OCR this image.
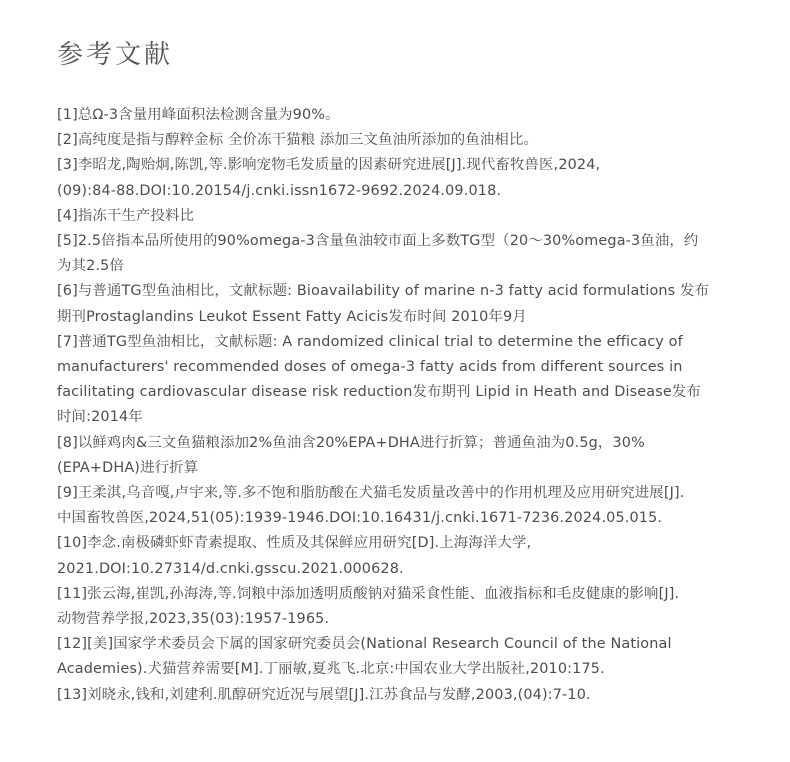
参考文献
[1]总Ω-3含量用峰面积法检测含量为90%。
[2]高纯度是指与醇粹金标 全价冻干猫粮 添加三文鱼油所添加的鱼油相比。
[3]李昭龙,陶贻炯,陈凯,等.影响宠物毛发质量的因素研究进展[J].现代畜牧兽医,2024,
(09):84-88.DOI:10.20154/j.cnki.issn1672-9692.2024.09.018.
[4]指冻干生产投料比
[5]2.5倍指本品所使用的90%omega-3含量鱼油较市面上多数TG型（20～30%omega-3鱼油，约
为其2.5倍
[6]与普通TG型鱼油相比，文献标题: Bioavailability of marine n-3 fatty acid formulations 发布
期刊Prostaglandins Leukot Essent Fatty Acicis发布时间 2010年9月
[7]普通TG型鱼油相比，文献标题: A randomized clinical trial to determine the efficacy of
manufacturers' recommended doses of omega-3 fatty acids from different sources in
facilitating cardiovascular disease risk reduction发布期刊 Lipid in Heath and Disease发布
时间:2014年
[8]以鲜鸡肉&三文鱼猫粮添加2%鱼油含20%EPA+DHA进行折算；普通鱼油为0.5g，30%
(EPA+DHA)进行折算
[9]王柔淇,乌音嘎,卢宇来,等.多不饱和脂肪酸在犬猫毛发质量改善中的作用机理及应用研究进展[J].
中国畜牧兽医,2024,51(05):1939-1946.DOI:10.16431/j.cnki.1671-7236.2024.05.015.
[10]李念.南极磷虾虾青素提取、性质及其保鲜应用研究[D].上海海洋大学,
2021.DOI:10.27314/d.cnki.gsscu.2021.000628.
[11]张云海,崔凯,孙海涛,等.饲粮中添加透明质酸钠对猫采食性能、血液指标和毛皮健康的影响[J].
动物营养学报,2023,35(03):1957-1965.
[12][美]国家学术委员会下属的国家研究委员会(National Research Council of the National
Academies).犬猫营养需要[M].丁丽敏,夏兆飞.北京:中国农业大学出版社,2010:175.
[13]刘晓永,钱和,刘建利.肌醇研究近况与展望[J].江苏食品与发酵,2003,(04):7-10.
